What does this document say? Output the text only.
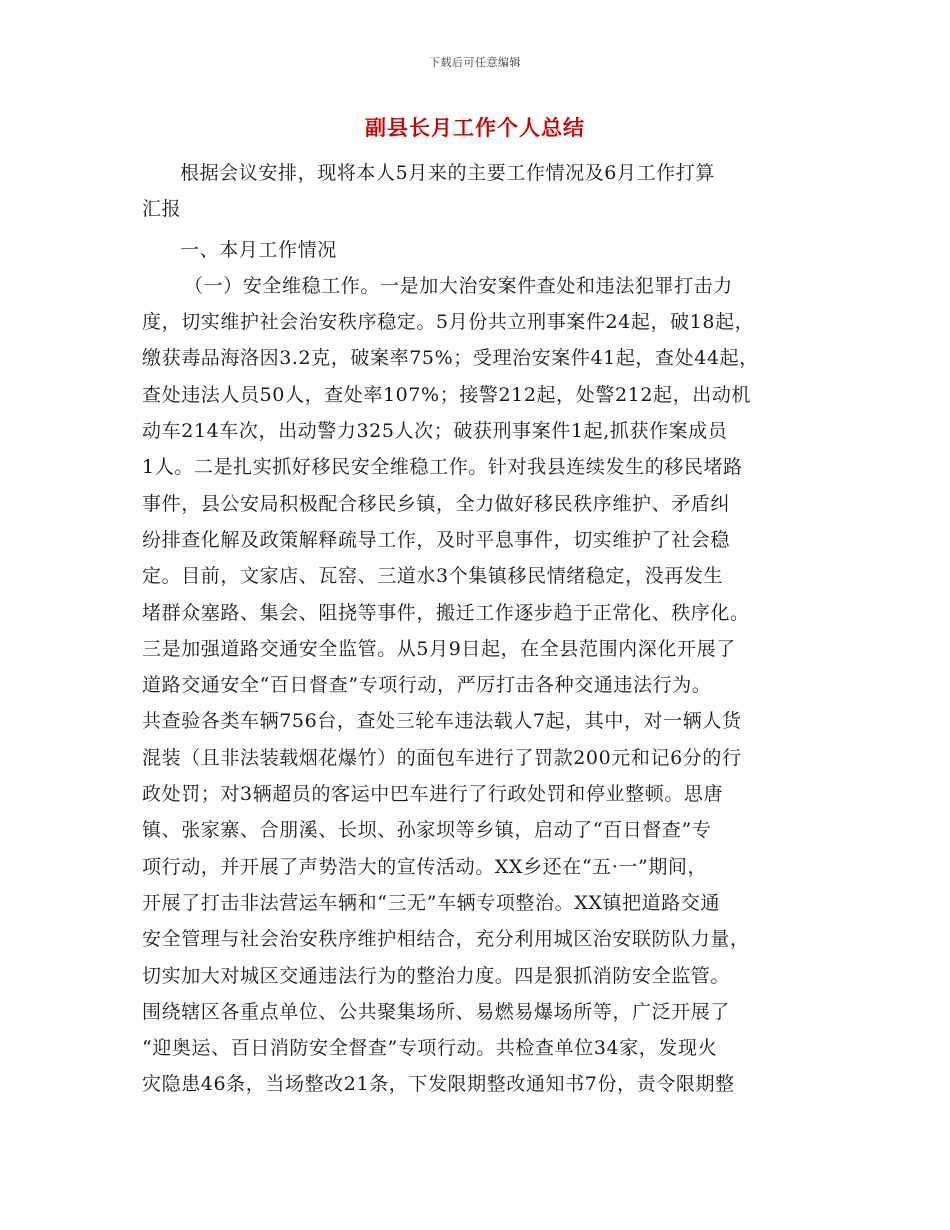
下载后可任意编辑
副县长月工作个人总结
根据会议安排，现将本人5月来的主要工作情况及6月工作打算
汇报
一、本月工作情况
（一）安全维稳工作。一是加大治安案件查处和违法犯罪打击力
度，切实维护社会治安秩序稳定。5月份共立刑事案件24起，破18起，
缴获毒品海洛因3.2克，破案率75%；受理治安案件41起，查处44起，
查处违法人员50人，查处率107%；接警212起，处警212起，出动机
动车214车次，出动警力325人次；破获刑事案件1起,抓获作案成员
1人。二是扎实抓好移民安全维稳工作。针对我县连续发生的移民堵路
事件，县公安局积极配合移民乡镇，全力做好移民秩序维护、矛盾纠
纷排查化解及政策解释疏导工作，及时平息事件，切实维护了社会稳
定。目前，文家店、瓦窑、三道水3个集镇移民情绪稳定，没再发生
堵群众塞路、集会、阻挠等事件，搬迁工作逐步趋于正常化、秩序化。
三是加强道路交通安全监管。从5月9日起，在全县范围内深化开展了
道路交通安全“百日督查”专项行动，严厉打击各种交通违法行为。
共查验各类车辆756台，查处三轮车违法载人7起，其中，对一辆人货
混装（且非法装载烟花爆竹）的面包车进行了罚款200元和记6分的行
政处罚；对3辆超员的客运中巴车进行了行政处罚和停业整顿。思唐
镇、张家寨、合朋溪、长坝、孙家坝等乡镇，启动了“百日督查”专
项行动，并开展了声势浩大的宣传活动。XX乡还在“五·一”期间，
开展了打击非法营运车辆和“三无”车辆专项整治。XX镇把道路交通
安全管理与社会治安秩序维护相结合，充分利用城区治安联防队力量，
切实加大对城区交通违法行为的整治力度。四是狠抓消防安全监管。
围绕辖区各重点单位、公共聚集场所、易燃易爆场所等，广泛开展了
“迎奥运、百日消防安全督查”专项行动。共检查单位34家，发现火
灾隐患46条，当场整改21条，下发限期整改通知书7份，责令限期整
